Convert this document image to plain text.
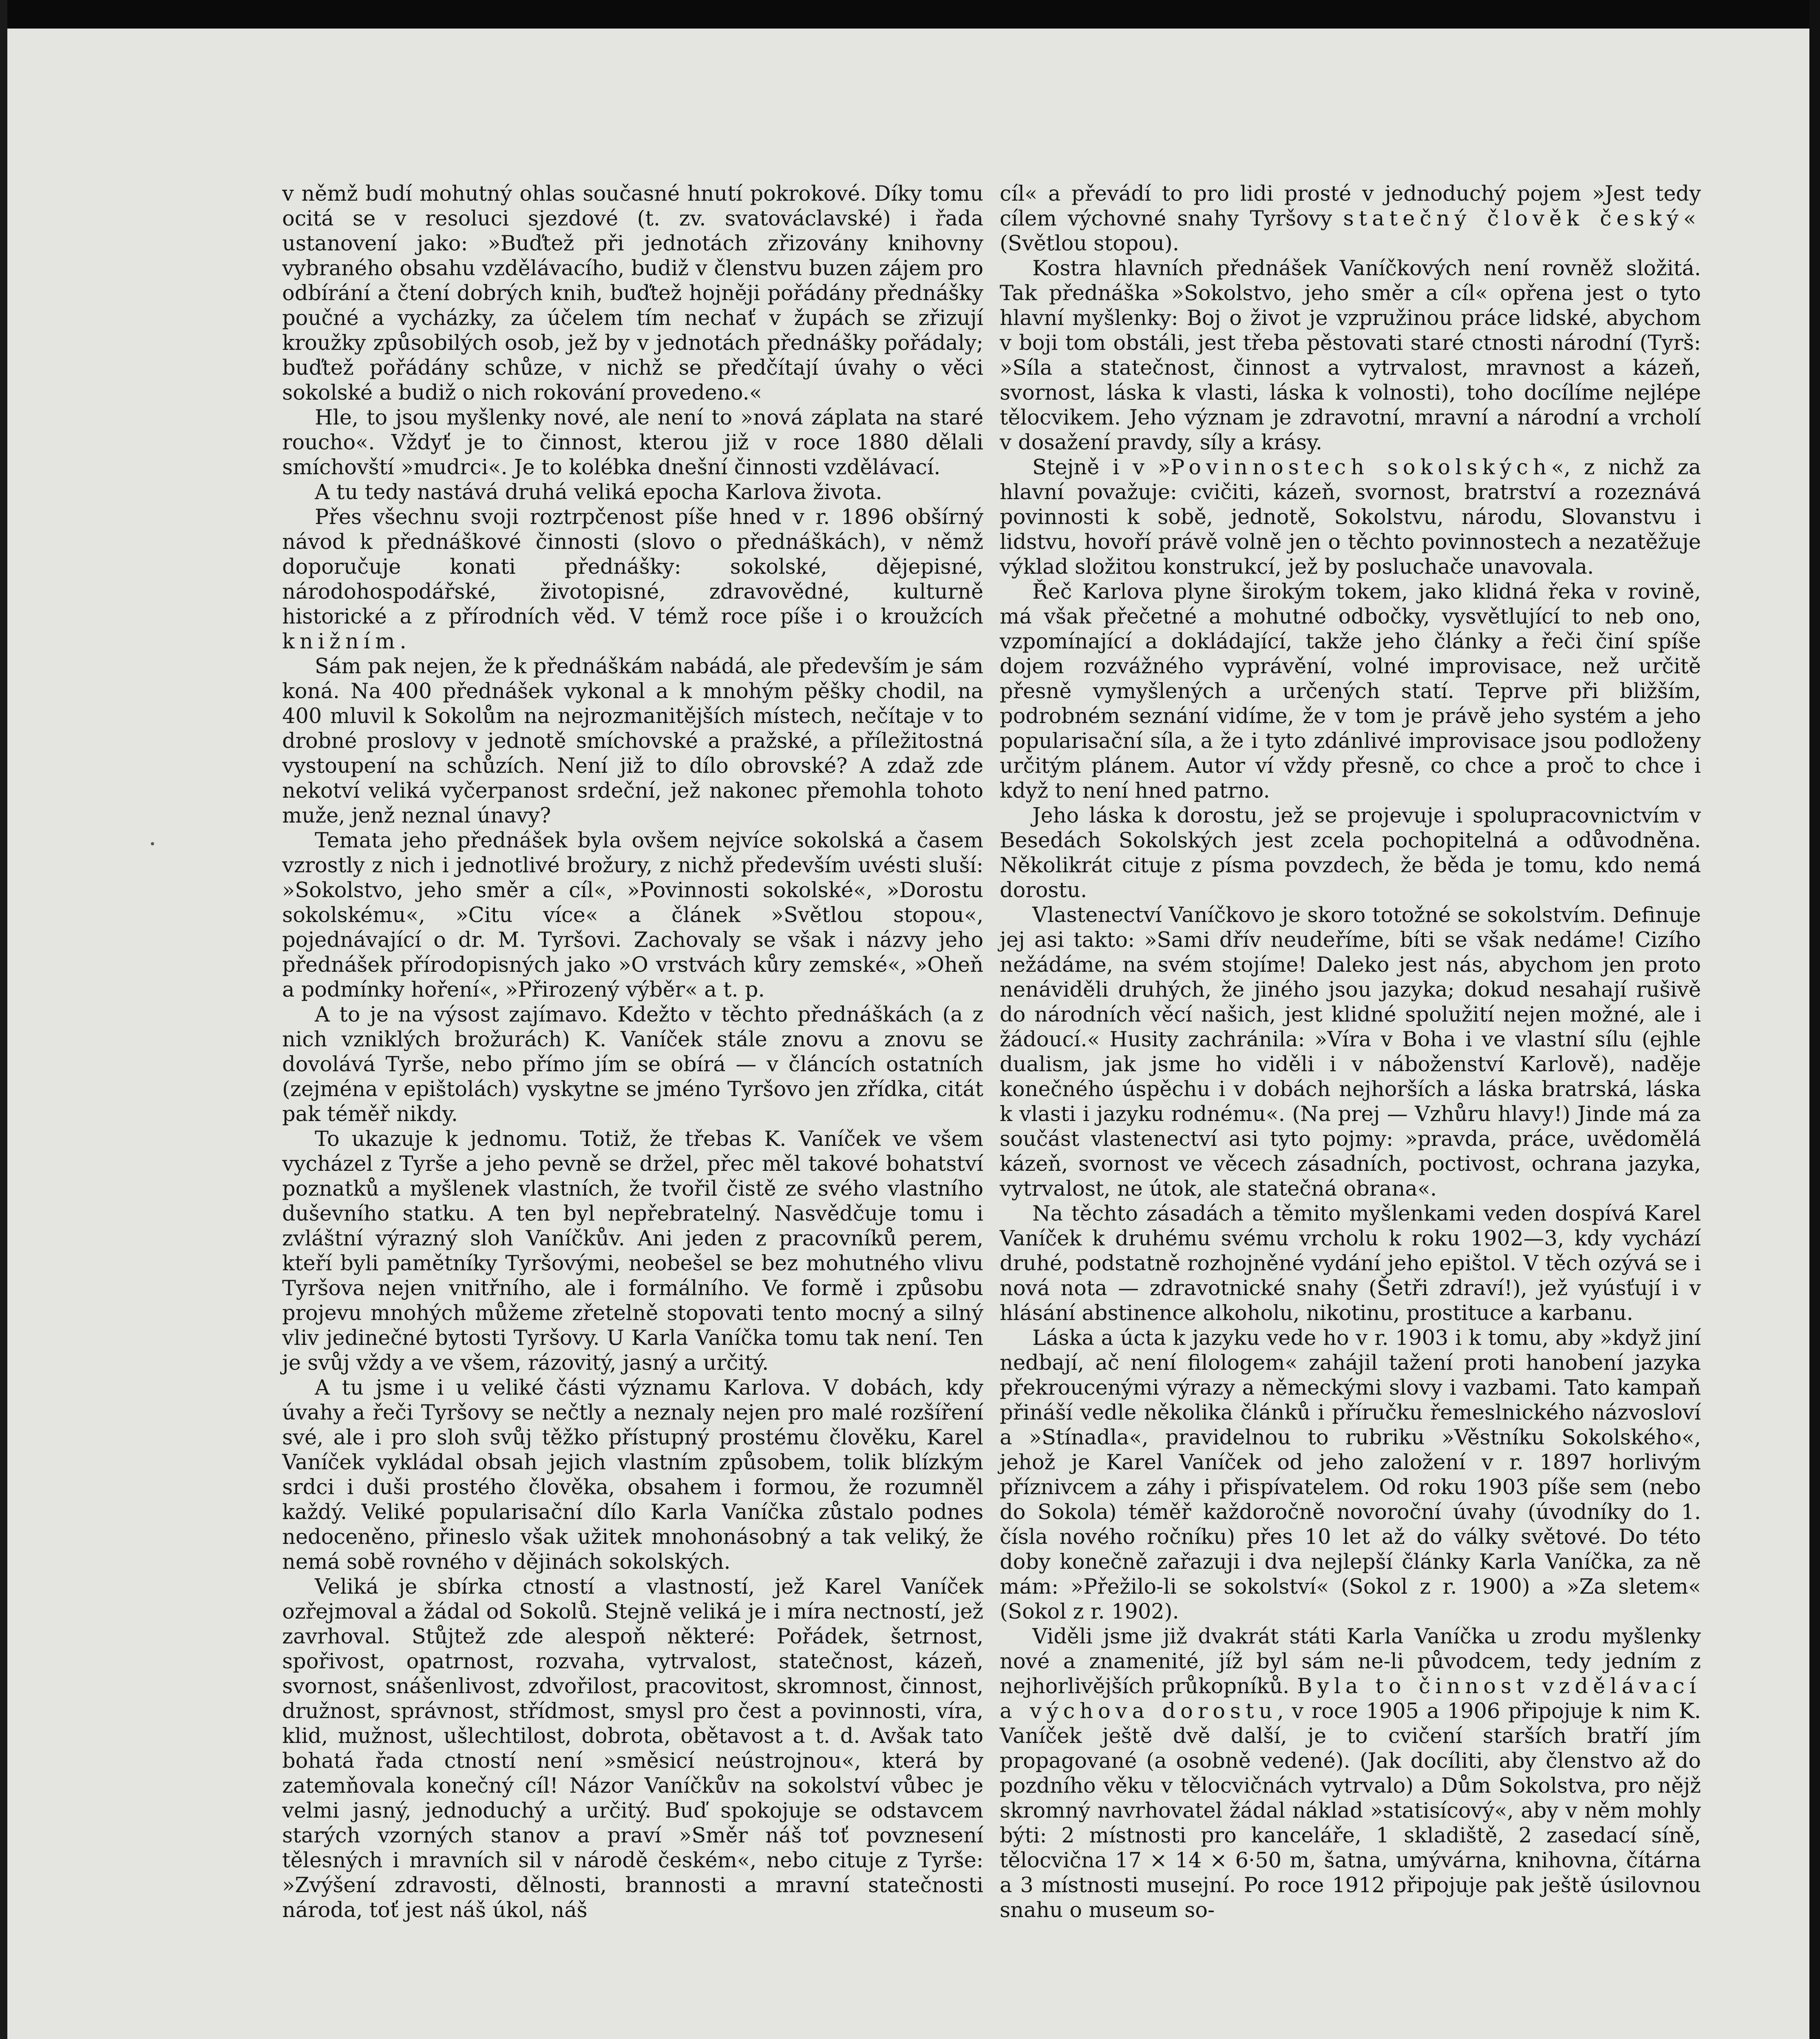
v němž budí mohutný ohlas současné hnutí pokrokové. Díky tomu ocitá se v resoluci sjezdové (t. zv. svatováclavské) i řada ustanovení jako: »Buďtež při jednotách zřizovány knihovny vybraného obsahu vzdělávacího, budiž v členstvu buzen zájem pro odbírání a čtení dobrých knih, buďtež hojněji pořádány přednášky poučné a vycházky, za účelem tím nechať v župách se zřizují kroužky způsobilých osob, jež by v jednotách přednášky pořádaly; buďtež pořádány schůze, v nichž se předčítají úvahy o věci sokolské a budiž o nich rokování provedeno.«

Hle, to jsou myšlenky nové, ale není to »nová záplata na staré roucho«. Vždyť je to činnost, kterou již v roce 1880 dělali smíchovští »mudrci«. Je to kolébka dnešní činnosti vzdělávací.

A tu tedy nastává druhá veliká epocha Karlova života.

Přes všechnu svoji roztrpčenost píše hned v r. 1896 obšírný návod k přednáškové činnosti (slovo o přednáškách), v němž doporučuje konati přednášky: sokolské, dějepisné, národohospodářské, životopisné, zdravovědné, kulturně historické a z přírodních věd. V témž roce píše i o kroužcích knižním.

Sám pak nejen, že k přednáškám nabádá, ale především je sám koná. Na 400 přednášek vykonal a k mnohým pěšky chodil, na 400 mluvil k Sokolům na nejrozmanitějších místech, nečítaje v to drobné proslovy v jednotě smíchovské a pražské, a příležitostná vystoupení na schůzích. Není již to dílo obrovské? A zdaž zde nekotví veliká vyčerpanost srdeční, jež nakonec přemohla tohoto muže, jenž neznal únavy?

Temata jeho přednášek byla ovšem nejvíce sokolská a časem vzrostly z nich i jednotlivé brožury, z nichž především uvésti sluší: »Sokolstvo, jeho směr a cíl«, »Povinnosti sokolské«, »Dorostu sokolskému«, »Citu více« a článek »Světlou stopou«, pojednávající o dr. M. Tyršovi. Zachovaly se však i názvy jeho přednášek přírodopisných jako »O vrstvách kůry zemské«, »Oheň a podmínky hoření«, »Přirozený výběr« a t. p.

A to je na výsost zajímavo. Kdežto v těchto přednáškách (a z nich vzniklých brožurách) K. Vaníček stále znovu a znovu se dovolává Tyrše, nebo přímo jím se obírá — v článcích ostatních (zejména v epištolách) vyskytne se jméno Tyršovo jen zřídka, citát pak téměř nikdy.

To ukazuje k jednomu. Totiž, že třebas K. Vaníček ve všem vycházel z Tyrše a jeho pevně se držel, přec měl takové bohatství poznatků a myšlenek vlastních, že tvořil čistě ze svého vlastního duševního statku. A ten byl nepřebratelný. Nasvědčuje tomu i zvláštní výrazný sloh Vaníčkův. Ani jeden z pracovníků perem, kteří byli pamětníky Tyršovými, neobešel se bez mohutného vlivu Tyršova nejen vnitřního, ale i formálního. Ve formě i způsobu projevu mnohých můžeme zřetelně stopovati tento mocný a silný vliv jedinečné bytosti Tyršovy. U Karla Vaníčka tomu tak není. Ten je svůj vždy a ve všem, rázovitý, jasný a určitý.

A tu jsme i u veliké části významu Karlova. V dobách, kdy úvahy a řeči Tyršovy se nečtly a neznaly nejen pro malé rozšíření své, ale i pro sloh svůj těžko přístupný prostému člověku, Karel Vaníček vykládal obsah jejich vlastním způsobem, tolik blízkým srdci i duši prostého člověka, obsahem i formou, že rozumněl každý. Veliké popularisační dílo Karla Vaníčka zůstalo podnes nedoceněno, přineslo však užitek mnohonásobný a tak veliký, že nemá sobě rovného v dějinách sokolských.

Veliká je sbírka ctností a vlastností, jež Karel Vaníček ozřejmoval a žádal od Sokolů. Stejně veliká je i míra nectností, jež zavrhoval. Stůjtež zde alespoň některé: Pořádek, šetrnost, spořivost, opatrnost, rozvaha, vytrvalost, statečnost, kázeň, svornost, snášenlivost, zdvořilost, pracovitost, skromnost, činnost, družnost, správnost, střídmost, smysl pro čest a povinnosti, víra, klid, mužnost, ušlechtilost, dobrota, obětavost a t. d. Avšak tato bohatá řada ctností není »směsicí neústrojnou«, která by zatemňovala konečný cíl! Názor Vaníčkův na sokolství vůbec je velmi jasný, jednoduchý a určitý. Buď spokojuje se odstavcem starých vzorných stanov a praví »Směr náš toť povznesení tělesných i mravních sil v národě českém«, nebo cituje z Tyrše: »Zvýšení zdravosti, dělnosti, brannosti a mravní statečnosti národa, toť jest náš úkol, náš

cíl« a převádí to pro lidi prosté v jednoduchý pojem »Jest tedy cílem výchovné snahy Tyršovy statečný člověk český« (Světlou stopou).

Kostra hlavních přednášek Vaníčkových není rovněž složitá. Tak přednáška »Sokolstvo, jeho směr a cíl« opřena jest o tyto hlavní myšlenky: Boj o život je vzpružinou práce lidské, abychom v boji tom obstáli, jest třeba pěstovati staré ctnosti národní (Tyrš: »Síla a statečnost, činnost a vytrvalost, mravnost a kázeň, svornost, láska k vlasti, láska k volnosti), toho docílíme nejlépe tělocvikem. Jeho význam je zdravotní, mravní a národní a vrcholí v dosažení pravdy, síly a krásy.

Stejně i v »Povinnostech sokolských«, z nichž za hlavní považuje: cvičiti, kázeň, svornost, bratrství a rozeznává povinnosti k sobě, jednotě, Sokolstvu, národu, Slovanstvu i lidstvu, hovoří právě volně jen o těchto povinnostech a nezatěžuje výklad složitou konstrukcí, jež by posluchače unavovala.

Řeč Karlova plyne širokým tokem, jako klidná řeka v rovině, má však přečetné a mohutné odbočky, vysvětlující to neb ono, vzpomínající a dokládající, takže jeho články a řeči činí spíše dojem rozvážného vyprávění, volné improvisace, než určitě přesně vymyšlených a určených statí. Teprve při bližším, podrobném seznání vidíme, že v tom je právě jeho systém a jeho popularisační síla, a že i tyto zdánlivé improvisace jsou podloženy určitým plánem. Autor ví vždy přesně, co chce a proč to chce i když to není hned patrno.

Jeho láska k dorostu, jež se projevuje i spolupracovnictvím v Besedách Sokolských jest zcela pochopitelná a odůvodněna. Několikrát cituje z písma povzdech, že běda je tomu, kdo nemá dorostu.

Vlastenectví Vaníčkovo je skoro totožné se sokolstvím. Definuje jej asi takto: »Sami dřív neudeříme, bíti se však nedáme! Cizího nežádáme, na svém stojíme! Daleko jest nás, abychom jen proto nenáviděli druhých, že jiného jsou jazyka; dokud nesahají rušivě do národních věcí našich, jest klidné spolužití nejen možné, ale i žádoucí.« Husity zachránila: »Víra v Boha i ve vlastní sílu (ejhle dualism, jak jsme ho viděli i v náboženství Karlově), naděje konečného úspěchu i v dobách nejhorších a láska bratrská, láska k vlasti i jazyku rodnému«. (Na prej — Vzhůru hlavy!) Jinde má za součást vlastenectví asi tyto pojmy: »pravda, práce, uvědomělá kázeň, svornost ve věcech zásadních, poctivost, ochrana jazyka, vytrvalost, ne útok, ale statečná obrana«.

Na těchto zásadách a těmito myšlenkami veden dospívá Karel Vaníček k druhému svému vrcholu k roku 1902—3, kdy vychází druhé, podstatně rozhojněné vydání jeho epištol. V těch ozývá se i nová nota — zdravotnické snahy (Šetři zdraví!), jež vyúsťují i v hlásání abstinence alkoholu, nikotinu, prostituce a karbanu.

Láska a úcta k jazyku vede ho v r. 1903 i k tomu, aby »když jiní nedbají, ač není filologem« zahájil tažení proti hanobení jazyka překroucenými výrazy a německými slovy i vazbami. Tato kampaň přináší vedle několika článků i příručku řemeslnického názvosloví a »Stínadla«, pravidelnou to rubriku »Věstníku Sokolského«, jehož je Karel Vaníček od jeho založení v r. 1897 horlivým příznivcem a záhy i přispívatelem. Od roku 1903 píše sem (nebo do Sokola) téměř každoročně novoroční úvahy (úvodníky do 1. čísla nového ročníku) přes 10 let až do války světové. Do této doby konečně zařazuji i dva nejlepší články Karla Vaníčka, za ně mám: »Přežilo-li se sokolství« (Sokol z r. 1900) a »Za sletem« (Sokol z r. 1902).

Viděli jsme již dvakrát státi Karla Vaníčka u zrodu myšlenky nové a znamenité, jíž byl sám ne-li původcem, tedy jedním z nejhorlivějších průkopníků. Byla to činnost vzdělávací a výchova dorostu, v roce 1905 a 1906 připojuje k nim K. Vaníček ještě dvě další, je to cvičení starších bratří jím propagované (a osobně vedené). (Jak docíliti, aby členstvo až do pozdního věku v tělocvičnách vytrvalo) a Dům Sokolstva, pro nějž skromný navrhovatel žádal náklad »statisícový«, aby v něm mohly býti: 2 místnosti pro kanceláře, 1 skladiště, 2 zasedací síně, tělocvična 17 × 14 × 6·50 m, šatna, umývárna, knihovna, čítárna a 3 místnosti musejní. Po roce 1912 připojuje pak ještě úsilovnou snahu o museum so-
